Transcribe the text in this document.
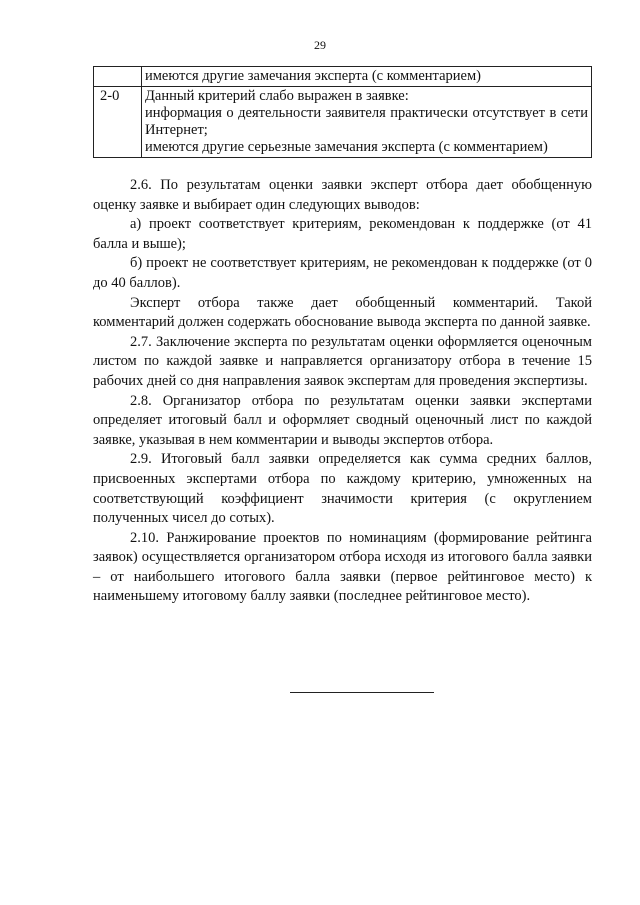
29

	имеются другие замечания эксперта (с комментарием)

2-0	Данный критерий слабо выражен в заявке:
информация о деятельности заявителя практически отсутствует в сети Интернет;
имеются другие серьезные замечания эксперта (с комментарием)

2.6. По результатам оценки заявки эксперт отбора дает обобщенную оценку заявке и выбирает один следующих выводов:

а) проект соответствует критериям, рекомендован к поддержке (от 41 балла и выше);

б) проект не соответствует критериям, не рекомендован к поддержке (от 0 до 40 баллов).

Эксперт отбора также дает обобщенный комментарий. Такой комментарий должен содержать обоснование вывода эксперта по данной заявке.

2.7. Заключение эксперта по результатам оценки оформляется оценочным листом по каждой заявке и направляется организатору отбора в течение 15 рабочих дней со дня направления заявок экспертам для проведения экспертизы.

2.8. Организатор отбора по результатам оценки заявки экспертами определяет итоговый балл и оформляет сводный оценочный лист по каждой заявке, указывая в нем комментарии и выводы экспертов отбора.

2.9. Итоговый балл заявки определяется как сумма средних баллов, присвоенных экспертами отбора по каждому критерию, умноженных на соответствующий коэффициент значимости критерия (с округлением полученных чисел до сотых).

2.10. Ранжирование проектов по номинациям (формирование рейтинга заявок) осуществляется организатором отбора исходя из итогового балла заявки – от наибольшего итогового балла заявки (первое рейтинговое место) к наименьшему итоговому баллу заявки (последнее рейтинговое место).
